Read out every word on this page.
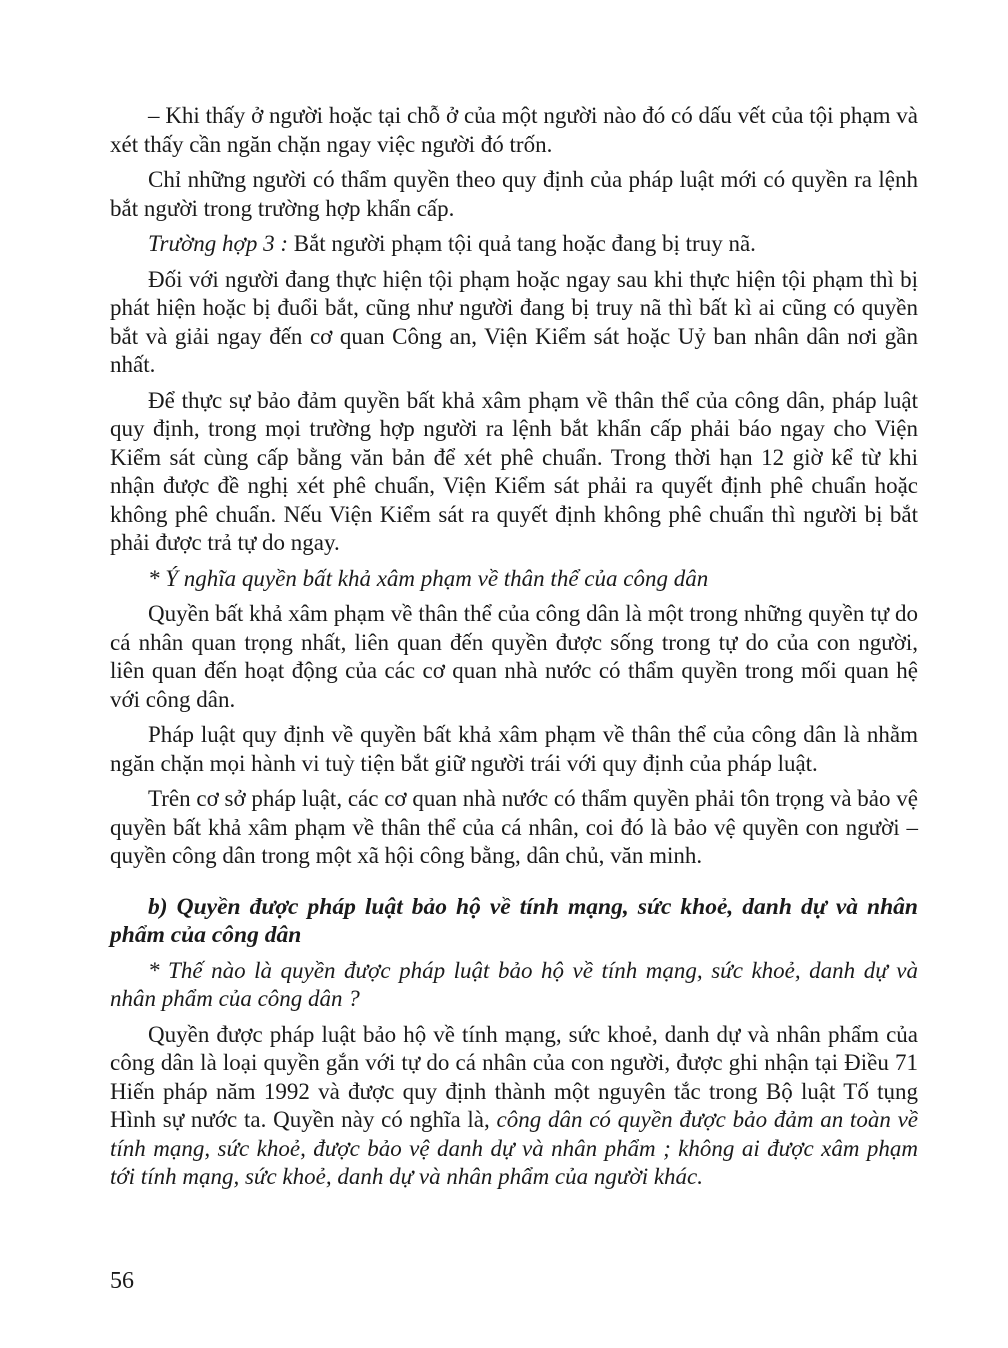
– Khi thấy ở người hoặc tại chỗ ở của một người nào đó có dấu vết của tội phạm và xét thấy cần ngăn chặn ngay việc người đó trốn.

Chỉ những người có thẩm quyền theo quy định của pháp luật mới có quyền ra lệnh bắt người trong trường hợp khẩn cấp.

Trường hợp 3 : Bắt người phạm tội quả tang hoặc đang bị truy nã.

Đối với người đang thực hiện tội phạm hoặc ngay sau khi thực hiện tội phạm thì bị phát hiện hoặc bị đuổi bắt, cũng như người đang bị truy nã thì bất kì ai cũng có quyền bắt và giải ngay đến cơ quan Công an, Viện Kiểm sát hoặc Uỷ ban nhân dân nơi gần nhất.

Để thực sự bảo đảm quyền bất khả xâm phạm về thân thể của công dân, pháp luật quy định, trong mọi trường hợp người ra lệnh bắt khẩn cấp phải báo ngay cho Viện Kiểm sát cùng cấp bằng văn bản để xét phê chuẩn. Trong thời hạn 12 giờ kể từ khi nhận được đề nghị xét phê chuẩn, Viện Kiểm sát phải ra quyết định phê chuẩn hoặc không phê chuẩn. Nếu Viện Kiểm sát ra quyết định không phê chuẩn thì người bị bắt phải được trả tự do ngay.

* Ý nghĩa quyền bất khả xâm phạm về thân thể của công dân

Quyền bất khả xâm phạm về thân thể của công dân là một trong những quyền tự do cá nhân quan trọng nhất, liên quan đến quyền được sống trong tự do của con người, liên quan đến hoạt động của các cơ quan nhà nước có thẩm quyền trong mối quan hệ với công dân.

Pháp luật quy định về quyền bất khả xâm phạm về thân thể của công dân là nhằm ngăn chặn mọi hành vi tuỳ tiện bắt giữ người trái với quy định của pháp luật.

Trên cơ sở pháp luật, các cơ quan nhà nước có thẩm quyền phải tôn trọng và bảo vệ quyền bất khả xâm phạm về thân thể của cá nhân, coi đó là bảo vệ quyền con người – quyền công dân trong một xã hội công bằng, dân chủ, văn minh.

b) Quyền được pháp luật bảo hộ về tính mạng, sức khoẻ, danh dự và nhân phẩm của công dân

* Thế nào là quyền được pháp luật bảo hộ về tính mạng, sức khoẻ, danh dự và nhân phẩm của công dân ?

Quyền được pháp luật bảo hộ về tính mạng, sức khoẻ, danh dự và nhân phẩm của công dân là loại quyền gắn với tự do cá nhân của con người, được ghi nhận tại Điều 71 Hiến pháp năm 1992 và được quy định thành một nguyên tắc trong Bộ luật Tố tụng Hình sự nước ta. Quyền này có nghĩa là, công dân có quyền được bảo đảm an toàn về tính mạng, sức khoẻ, được bảo vệ danh dự và nhân phẩm ; không ai được xâm phạm tới tính mạng, sức khoẻ, danh dự và nhân phẩm của người khác.

56
